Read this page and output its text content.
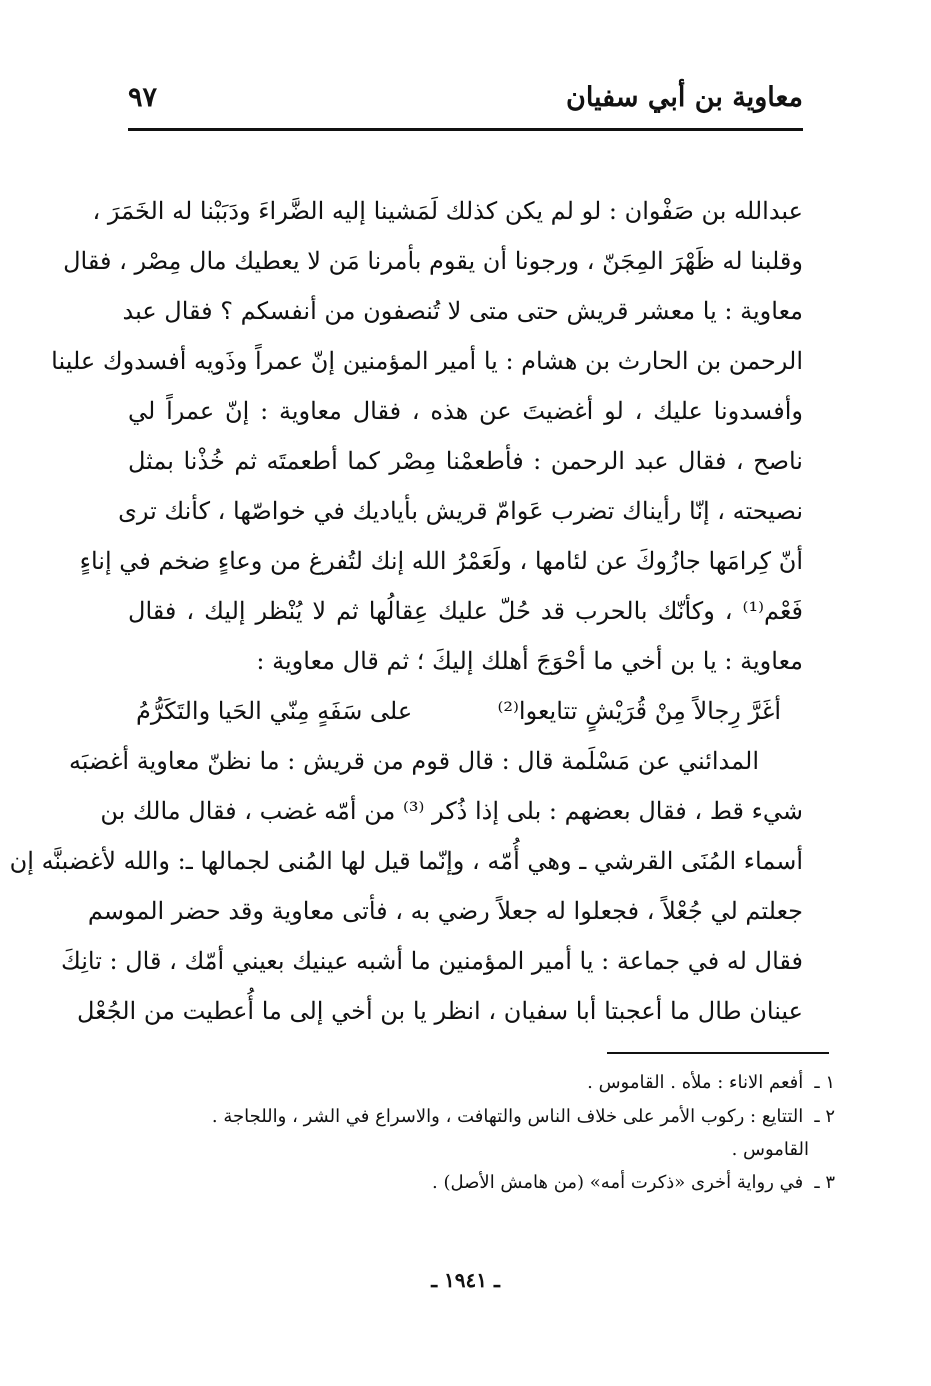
معاوية بن أبي سفيان
٩٧
عبدالله بن صَفْوان : لو لم يكن كذلك لَمَشينا إليه الضَّراءَ ودَبَبْنا له الخَمَرَ ،
وقلبنا له ظَهْرَ المِجَنّ ، ورجونا أن يقوم بأمرنا مَن لا يعطيك مال مِصْر ، فقال
معاوية : يا معشر قريش حتى متى لا تُنصفون من أنفسكم ؟ فقال عبد
الرحمن بن الحارث بن هشام : يا أمير المؤمنين إنّ عمراً وذَويه أفسدوك علينا
وأفسدونا عليك ، لو أغضيتَ عن هذه ، فقال معاوية : إنّ عمراً لي
ناصح ، فقال عبد الرحمن : فأطعمْنا مِصْر كما أطعمتَه ثم خُذْنا بمثل
نصيحته ، إنّا رأيناك تضرب عَوامّ قريش بأياديك في خواصّها ، كأنك ترى
أنّ كِرامَها جازُوكَ عن لئامها ، ولَعَمْرُ الله إنك لتُفرغ من وعاءٍ ضخم في إناءٍ
فَعْم⁽¹⁾ ، وكأنّك بالحرب قد حُلّ عليك عِقالُها ثم لا يُنْظر إليك ، فقال
معاوية : يا بن أخي ما أحْوَجَ أهلك إليكَ ؛ ثم قال معاوية :
أغَرَّ رِجالاً مِنْ قُرَيْشٍ تتايعوا⁽²⁾
على سَفَهٍ مِنّي الحَيا والتَكَرُّمُ
المدائني عن مَسْلَمة قال : قال قوم من قريش : ما نظنّ معاوية أغضبَه
شيء قط ، فقال بعضهم : بلى إذا ذُكر ⁽³⁾ من أمّه غضب ، فقال مالك بن
أسماء المُنَى القرشي ـ وهي أُمّه ، وإنّما قيل لها المُنى لجمالها ـ: والله لأغضبنَّه إن
جعلتم لي جُعْلاً ، فجعلوا له جعلاً رضي به ، فأتى معاوية وقد حضر الموسم
فقال له في جماعة : يا أمير المؤمنين ما أشبه عينيك بعيني أمّك ، قال : تانِكَ
عينان طال ما أعجبتا أبا سفيان ، انظر يا بن أخي إلى ما أُعطيت من الجُعْل
١ ـ أفعم الاناء : ملأه . القاموس .
٢ ـ التتايع : ركوب الأمر على خلاف الناس والتهافت ، والاسراع في الشر ، واللجاجة .
القاموس .
٣ ـ في رواية أخرى «ذكرت أمه» (من هامش الأصل) .
ـ ١٩٤١ ـ
